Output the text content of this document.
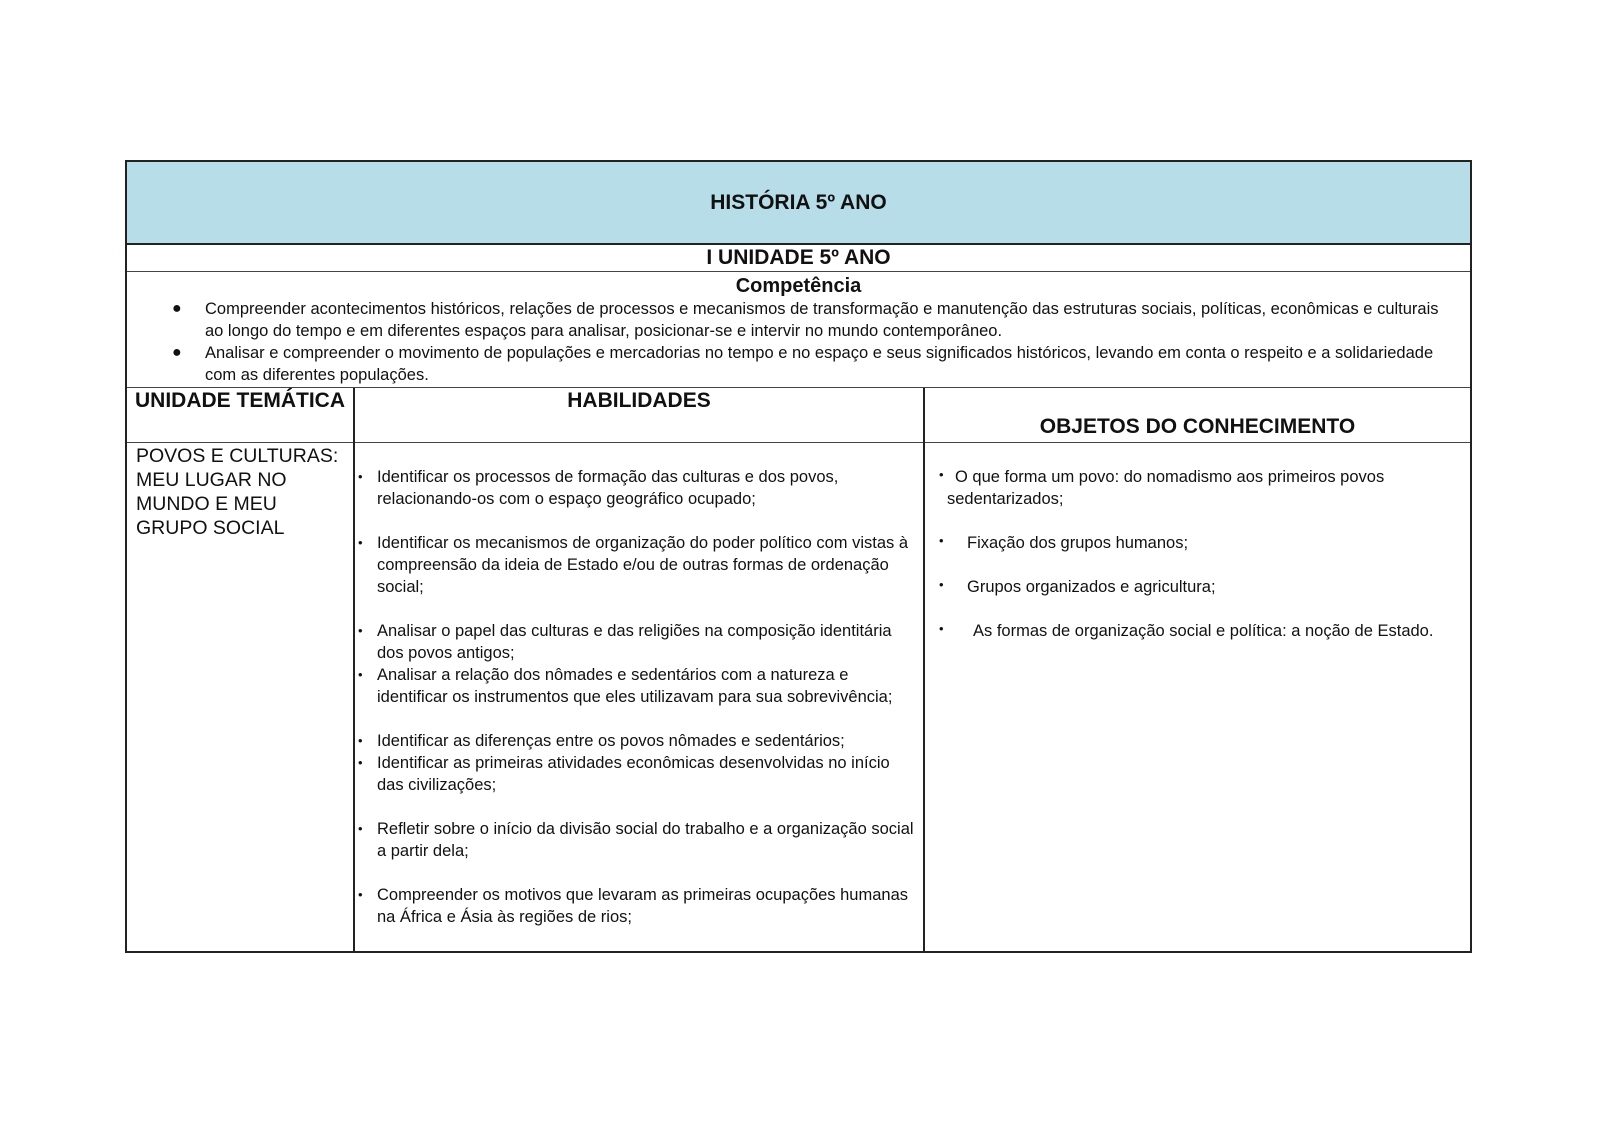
HISTÓRIA 5º ANO
I UNIDADE 5º ANO
Competência
● Compreender acontecimentos históricos, relações de processos e mecanismos de transformação e manutenção das estruturas sociais, políticas, econômicas e culturais ao longo do tempo e em diferentes espaços para analisar, posicionar-se e intervir no mundo contemporâneo.
● Analisar e compreender o movimento de populações e mercadorias no tempo e no espaço e seus significados históricos, levando em conta o respeito e a solidariedade com as diferentes populações.
UNIDADE TEMÁTICA	HABILIDADES
OBJETOS DO CONHECIMENTO
POVOS E CULTURAS: MEU LUGAR NO MUNDO E MEU GRUPO SOCIAL
• Identificar os processos de formação das culturas e dos povos, relacionando-os com o espaço geográfico ocupado;
• Identificar os mecanismos de organização do poder político com vistas à compreensão da ideia de Estado e/ou de outras formas de ordenação social;
• Analisar o papel das culturas e das religiões na composição identitária dos povos antigos;
• Analisar a relação dos nômades e sedentários com a natureza e identificar os instrumentos que eles utilizavam para sua sobrevivência;
• Identificar as diferenças entre os povos nômades e sedentários;
• Identificar as primeiras atividades econômicas desenvolvidas no início das civilizações;
• Refletir sobre o início da divisão social do trabalho e a organização social a partir dela;
• Compreender os motivos que levaram as primeiras ocupações humanas na África e Ásia às regiões de rios;
• O que forma um povo: do nomadismo aos primeiros povos sedentarizados;
• Fixação dos grupos humanos;
• Grupos organizados e agricultura;
• As formas de organização social e política: a noção de Estado.
